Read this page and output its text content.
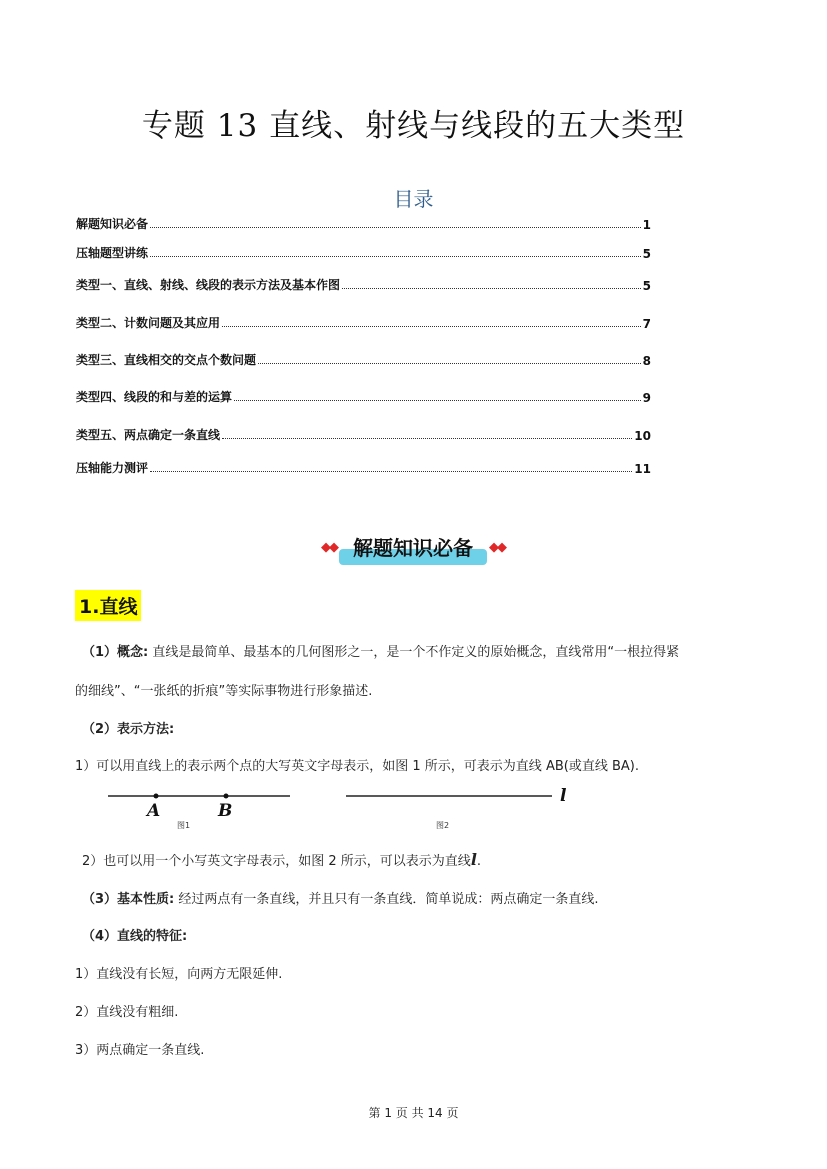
专题 13 直线、射线与线段的五大类型
目录
解题知识必备	1
压轴题型讲练	5
类型一、直线、射线、线段的表示方法及基本作图	5
类型二、计数问题及其应用	7
类型三、直线相交的交点个数问题	8
类型四、线段的和与差的运算	9
类型五、两点确定一条直线	10
压轴能力测评	11
◆◆ 解题知识必备	◆◆
1.直线
（1）概念: 直线是最简单、最基本的几何图形之一，是一个不作定义的原始概念，直线常用“一根拉得紧
的细线”、“一张纸的折痕”等实际事物进行形象描述.
（2）表示方法:
1）可以用直线上的表示两个点的大写英文字母表示，如图 1 所示，可表示为直线 AB(或直线 BA).
A	B
图1
l
图2
2）也可以用一个小写英文字母表示，如图 2 所示，可以表示为直线l.
（3）基本性质: 经过两点有一条直线，并且只有一条直线．简单说成：两点确定一条直线.
（4）直线的特征:
1）直线没有长短，向两方无限延伸.
2）直线没有粗细.
3）两点确定一条直线.
第 1 页 共 14 页
